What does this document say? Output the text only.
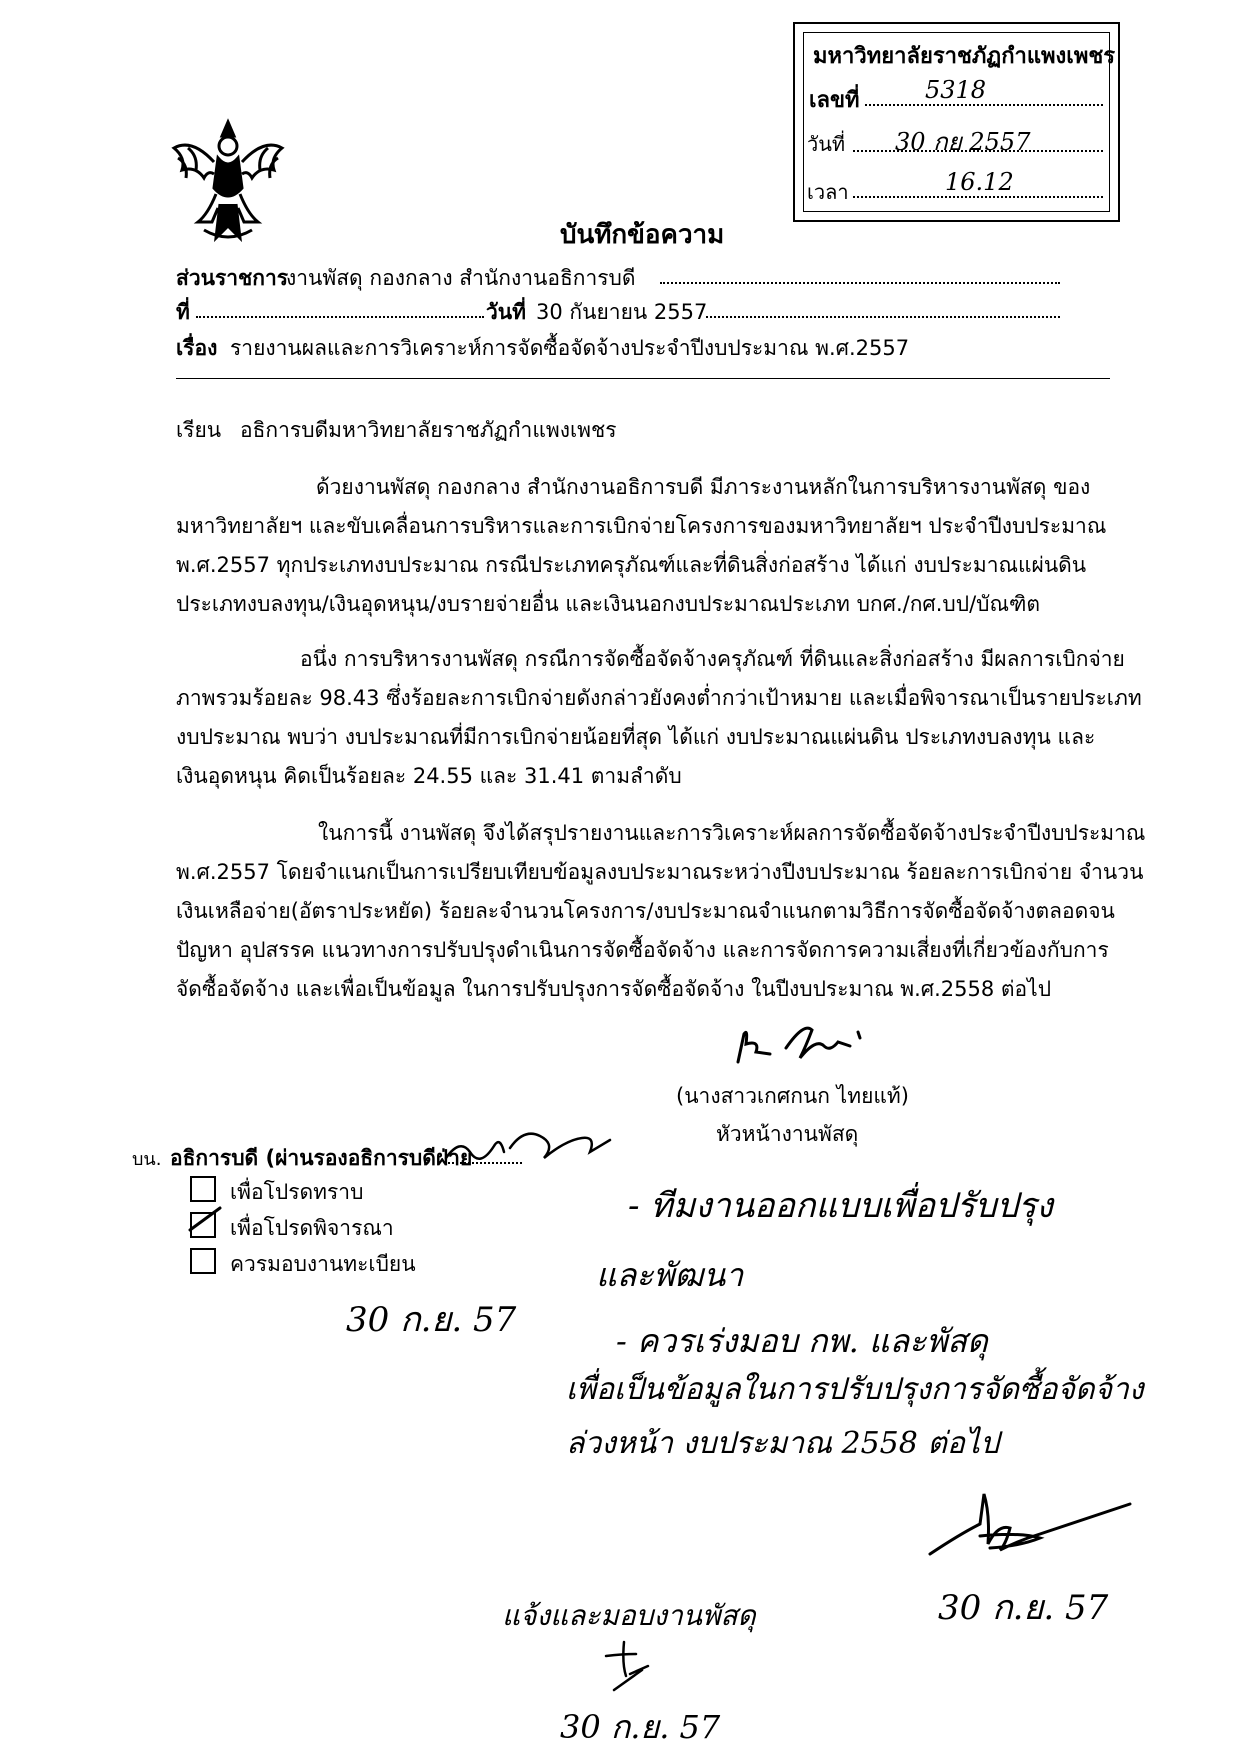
มหาวิทยาลัยราชภัฏกำแพงเพชร
เลขที่	5318
วันที่ 30 กย 2557
เวลา	16.12
บันทึกข้อความ
ส่วนราชการ
งานพัสดุ กองกลาง สำนักงานอธิการบดี
ที่	วันที่ 30 กันยายน 2557
เรื่อง รายงานผลและการวิเคราะห์การจัดซื้อจัดจ้างประจำปีงบประมาณ พ.ศ.2557
เรียน อธิการบดีมหาวิทยาลัยราชภัฏกำแพงเพชร
ด้วยงานพัสดุ กองกลาง สำนักงานอธิการบดี มีภาระงานหลักในการบริหารงานพัสดุ ของ
มหาวิทยาลัยฯ และขับเคลื่อนการบริหารและการเบิกจ่ายโครงการของมหาวิทยาลัยฯ ประจำปีงบประมาณ
พ.ศ.2557 ทุกประเภทงบประมาณ กรณีประเภทครุภัณฑ์และที่ดินสิ่งก่อสร้าง ได้แก่ งบประมาณแผ่นดิน
ประเภทงบลงทุน/เงินอุดหนุน/งบรายจ่ายอื่น และเงินนอกงบประมาณประเภท บกศ./กศ.บป/บัณฑิต
อนึ่ง การบริหารงานพัสดุ กรณีการจัดซื้อจัดจ้างครุภัณฑ์ ที่ดินและสิ่งก่อสร้าง มีผลการเบิกจ่าย
ภาพรวมร้อยละ 98.43 ซึ่งร้อยละการเบิกจ่ายดังกล่าวยังคงต่ำกว่าเป้าหมาย และเมื่อพิจารณาเป็นรายประเภท
งบประมาณ พบว่า งบประมาณที่มีการเบิกจ่ายน้อยที่สุด ได้แก่ งบประมาณแผ่นดิน ประเภทงบลงทุน และ
เงินอุดหนุน คิดเป็นร้อยละ 24.55 และ 31.41 ตามลำดับ
ในการนี้ งานพัสดุ จึงได้สรุปรายงานและการวิเคราะห์ผลการจัดซื้อจัดจ้างประจำปีงบประมาณ
พ.ศ.2557 โดยจำแนกเป็นการเปรียบเทียบข้อมูลงบประมาณระหว่างปีงบประมาณ ร้อยละการเบิกจ่าย จำนวน
เงินเหลือจ่าย(อัตราประหยัด) ร้อยละจำนวนโครงการ/งบประมาณจำแนกตามวิธีการจัดซื้อจัดจ้างตลอดจน
ปัญหา อุปสรรค แนวทางการปรับปรุงดำเนินการจัดซื้อจัดจ้าง และการจัดการความเสี่ยงที่เกี่ยวข้องกับการ
จัดซื้อจัดจ้าง และเพื่อเป็นข้อมูล ในการปรับปรุงการจัดซื้อจัดจ้าง ในปีงบประมาณ พ.ศ.2558 ต่อไป
(นางสาวเกศกนก ไทยแท้)
หัวหน้างานพัสดุ
บน. อธิการบดี (ผ่านรองอธิการบดีฝ่าย
เพื่อโปรดทราบ
เพื่อโปรดพิจารณา
ควรมอบงานทะเบียน
30 ก.ย. 57
- ทีมงานออกแบบเพื่อปรับปรุง
และพัฒนา
- ควรเร่งมอบ กพ. และพัสดุ
เพื่อเป็นข้อมูลในการปรับปรุงการจัดซื้อจัดจ้าง
ล่วงหน้า งบประมาณ 2558 ต่อไป
30 ก.ย. 57
แจ้งและมอบงานพัสดุ
30 ก.ย. 57
